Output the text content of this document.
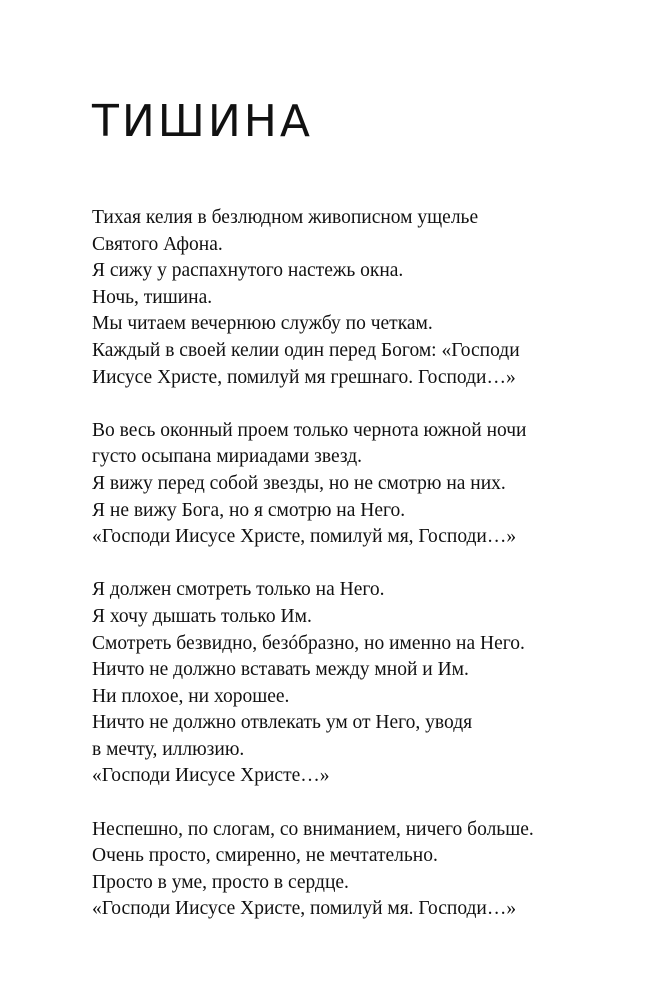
ТИШИНА
Тихая келия в безлюдном живописном ущелье
Святого Афона.
Я сижу у распахнутого настежь окна.
Ночь, тишина.
Мы читаем вечернюю службу по четкам.
Каждый в своей келии один перед Богом: «Господи
Иисусе Христе, помилуй мя грешнаго. Господи…»
Во весь оконный проем только чернота южной ночи
густо осыпана мириадами звезд.
Я вижу перед собой звезды, но не смотрю на них.
Я не вижу Бога, но я смотрю на Него.
«Господи Иисусе Христе, помилуй мя, Господи…»
Я должен смотреть только на Него.
Я хочу дышать только Им.
Смотреть безвидно, безóбразно, но именно на Него.
Ничто не должно вставать между мной и Им.
Ни плохое, ни хорошее.
Ничто не должно отвлекать ум от Него, уводя
в мечту, иллюзию.
«Господи Иисусе Христе…»
Неспешно, по слогам, со вниманием, ничего больше.
Очень просто, смиренно, не мечтательно.
Просто в уме, просто в сердце.
«Господи Иисусе Христе, помилуй мя. Господи…»
